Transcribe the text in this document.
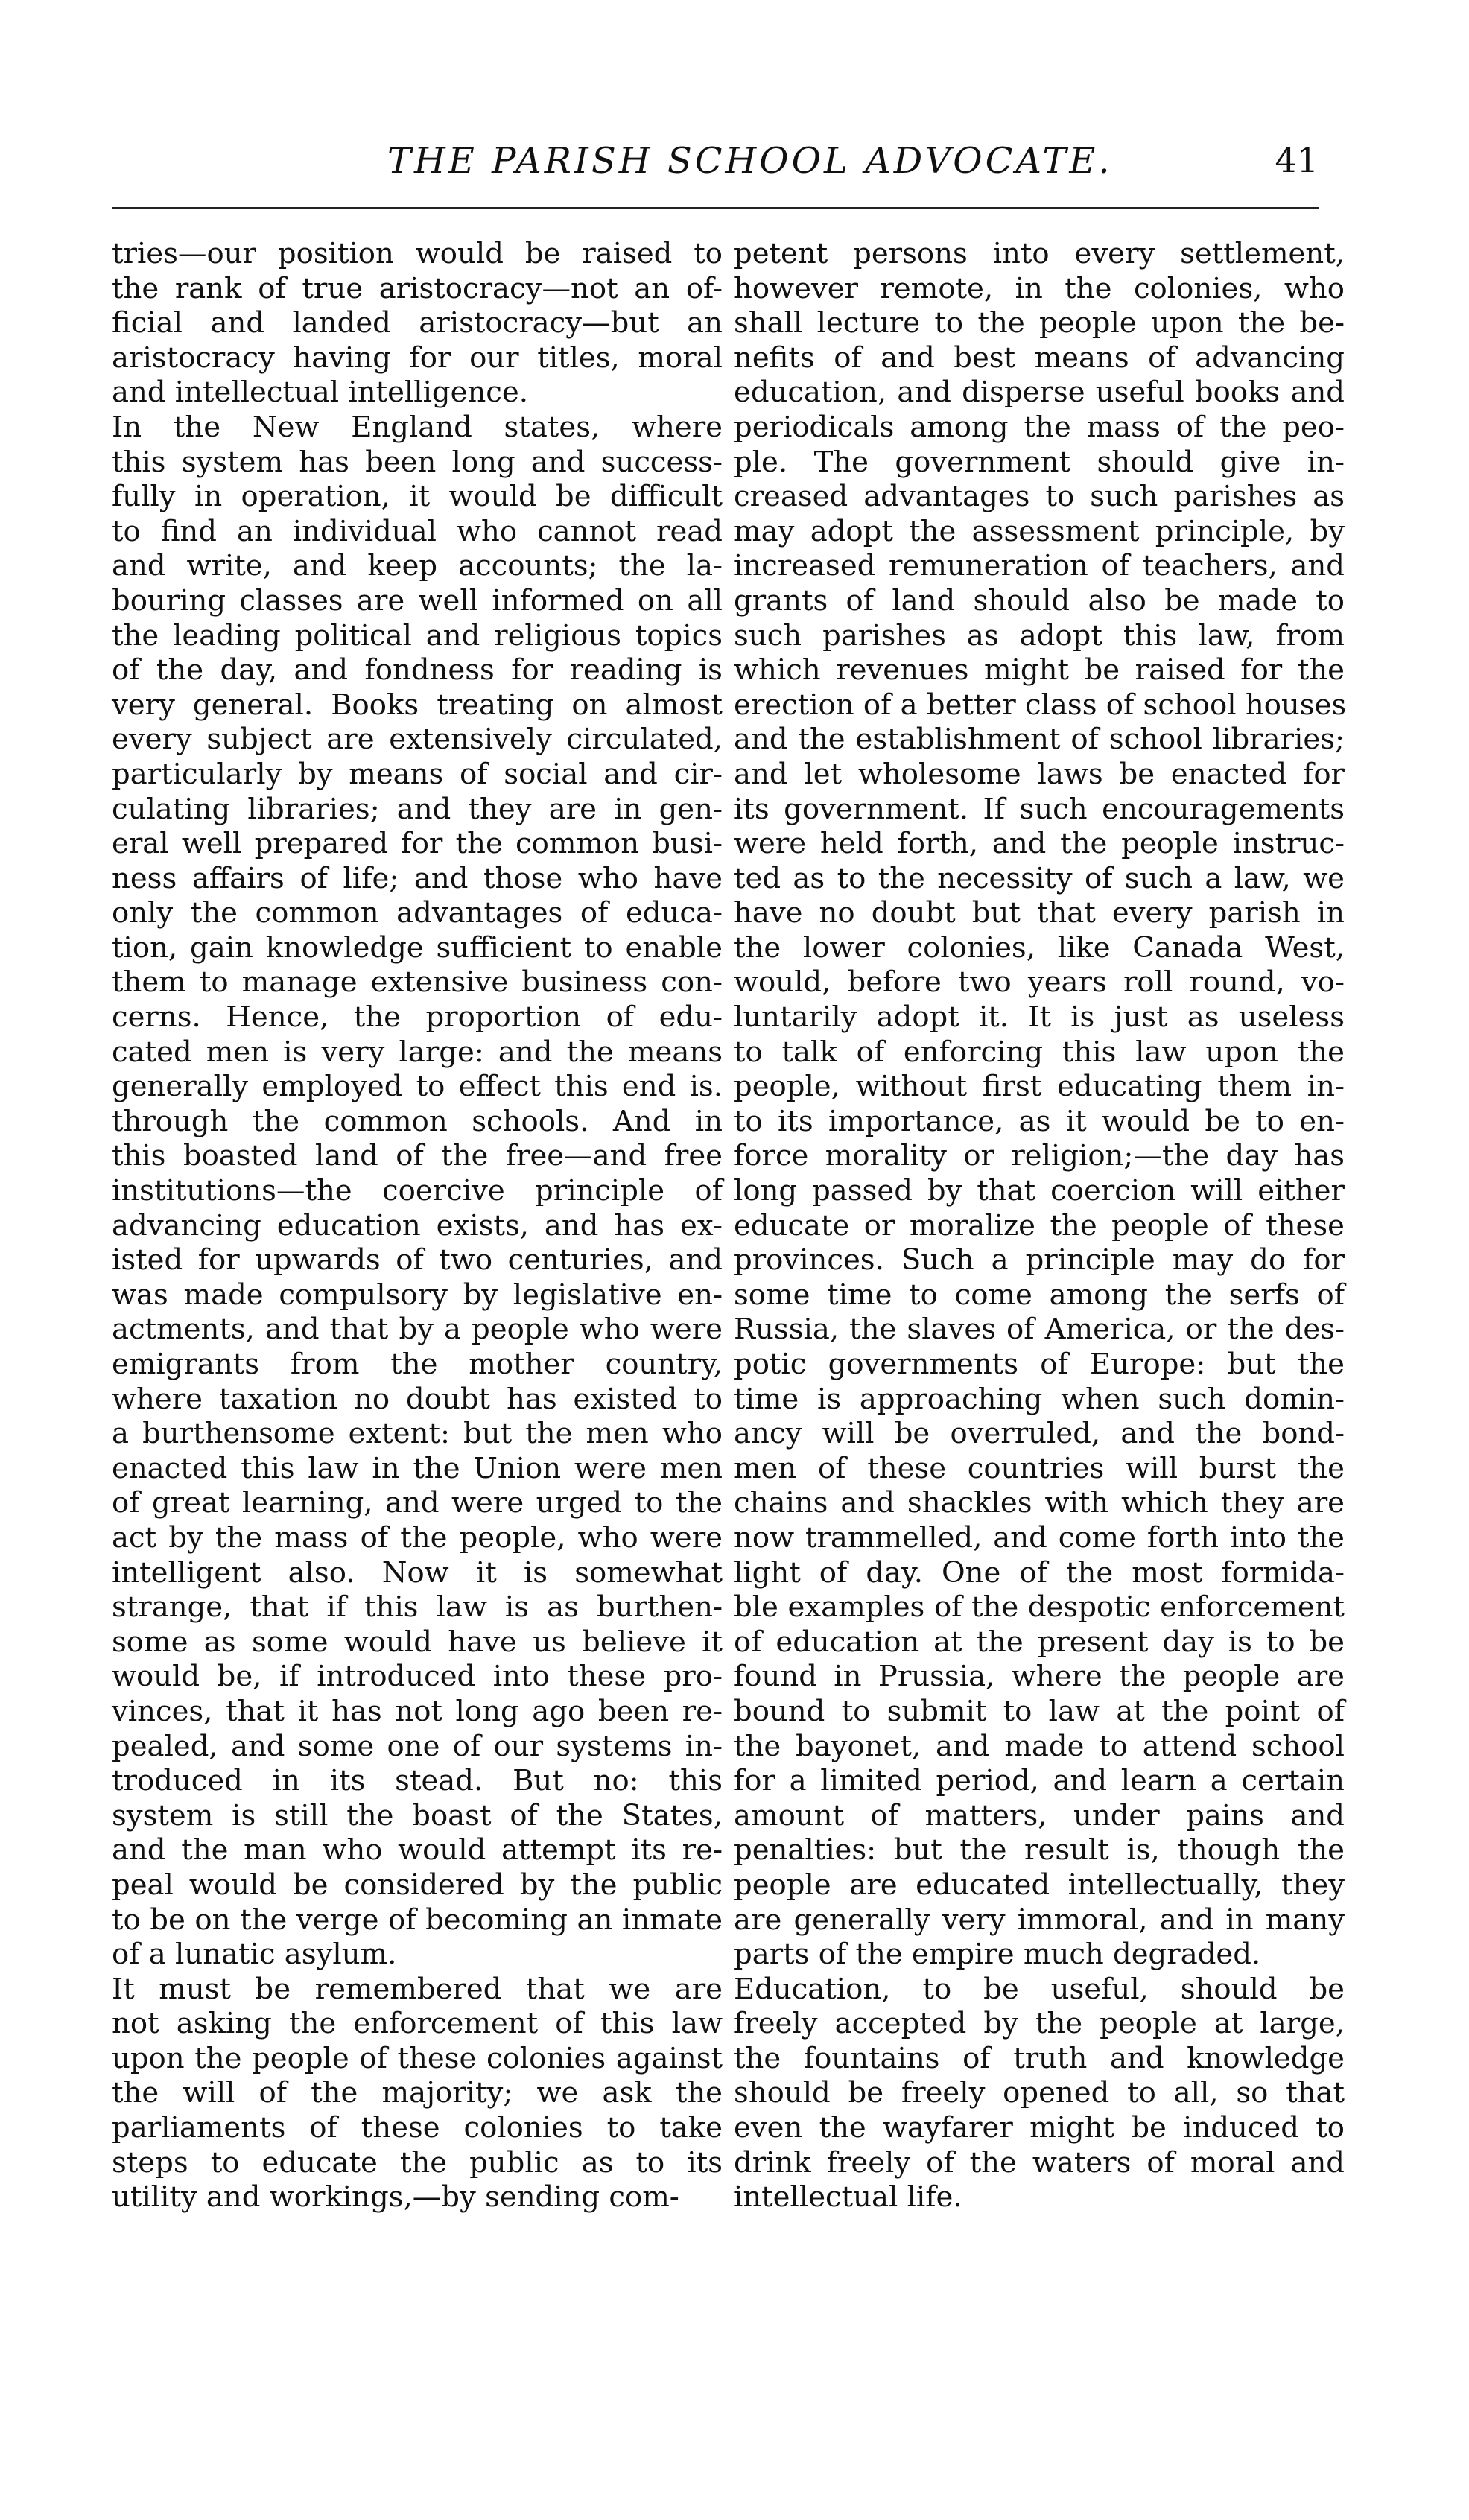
THE PARISH SCHOOL ADVOCATE.	41

tries—our position would be raised to
the rank of true aristocracy—not an of-
ficial and landed aristocracy—but an
aristocracy having for our titles, moral
and intellectual intelligence.

In the New England states, where
this system has been long and success-
fully in operation, it would be difficult
to find an individual who cannot read
and write, and keep accounts; the la-
bouring classes are well informed on all
the leading political and religious topics
of the day, and fondness for reading is
very general. Books treating on almost
every subject are extensively circulated,
particularly by means of social and cir-
culating libraries; and they are in gen-
eral well prepared for the common busi-
ness affairs of life; and those who have
only the common advantages of educa-
tion, gain knowledge sufficient to enable
them to manage extensive business con-
cerns. Hence, the proportion of edu-
cated men is very large: and the means
generally employed to effect this end is.
through the common schools. And in
this boasted land of the free—and free
institutions—the coercive principle of
advancing education exists, and has ex-
isted for upwards of two centuries, and
was made compulsory by legislative en-
actments, and that by a people who were
emigrants from the mother country,
where taxation no doubt has existed to
a burthensome extent: but the men who
enacted this law in the Union were men
of great learning, and were urged to the
act by the mass of the people, who were
intelligent also. Now it is somewhat
strange, that if this law is as burthen-
some as some would have us believe it
would be, if introduced into these pro-
vinces, that it has not long ago been re-
pealed, and some one of our systems in-
troduced in its stead. But no: this
system is still the boast of the States,
and the man who would attempt its re-
peal would be considered by the public
to be on the verge of becoming an inmate
of a lunatic asylum.

It must be remembered that we are
not asking the enforcement of this law
upon the people of these colonies against
the will of the majority; we ask the
parliaments of these colonies to take
steps to educate the public as to its
utility and workings,—by sending com-

petent persons into every settlement,
however remote, in the colonies, who
shall lecture to the people upon the be-
nefits of and best means of advancing
education, and disperse useful books and
periodicals among the mass of the peo-
ple. The government should give in-
creased advantages to such parishes as
may adopt the assessment principle, by
increased remuneration of teachers, and
grants of land should also be made to
such parishes as adopt this law, from
which revenues might be raised for the
erection of a better class of school houses
and the establishment of school libraries;
and let wholesome laws be enacted for
its government. If such encouragements
were held forth, and the people instruc-
ted as to the necessity of such a law, we
have no doubt but that every parish in
the lower colonies, like Canada West,
would, before two years roll round, vo-
luntarily adopt it. It is just as useless
to talk of enforcing this law upon the
people, without first educating them in-
to its importance, as it would be to en-
force morality or religion;—the day has
long passed by that coercion will either
educate or moralize the people of these
provinces. Such a principle may do for
some time to come among the serfs of
Russia, the slaves of America, or the des-
potic governments of Europe: but the
time is approaching when such domin-
ancy will be overruled, and the bond-
men of these countries will burst the
chains and shackles with which they are
now trammelled, and come forth into the
light of day. One of the most formida-
ble examples of the despotic enforcement
of education at the present day is to be
found in Prussia, where the people are
bound to submit to law at the point of
the bayonet, and made to attend school
for a limited period, and learn a certain
amount of matters, under pains and
penalties: but the result is, though the
people are educated intellectually, they
are generally very immoral, and in many
parts of the empire much degraded.

Education, to be useful, should be
freely accepted by the people at large,
the fountains of truth and knowledge
should be freely opened to all, so that
even the wayfarer might be induced to
drink freely of the waters of moral and
intellectual life.
